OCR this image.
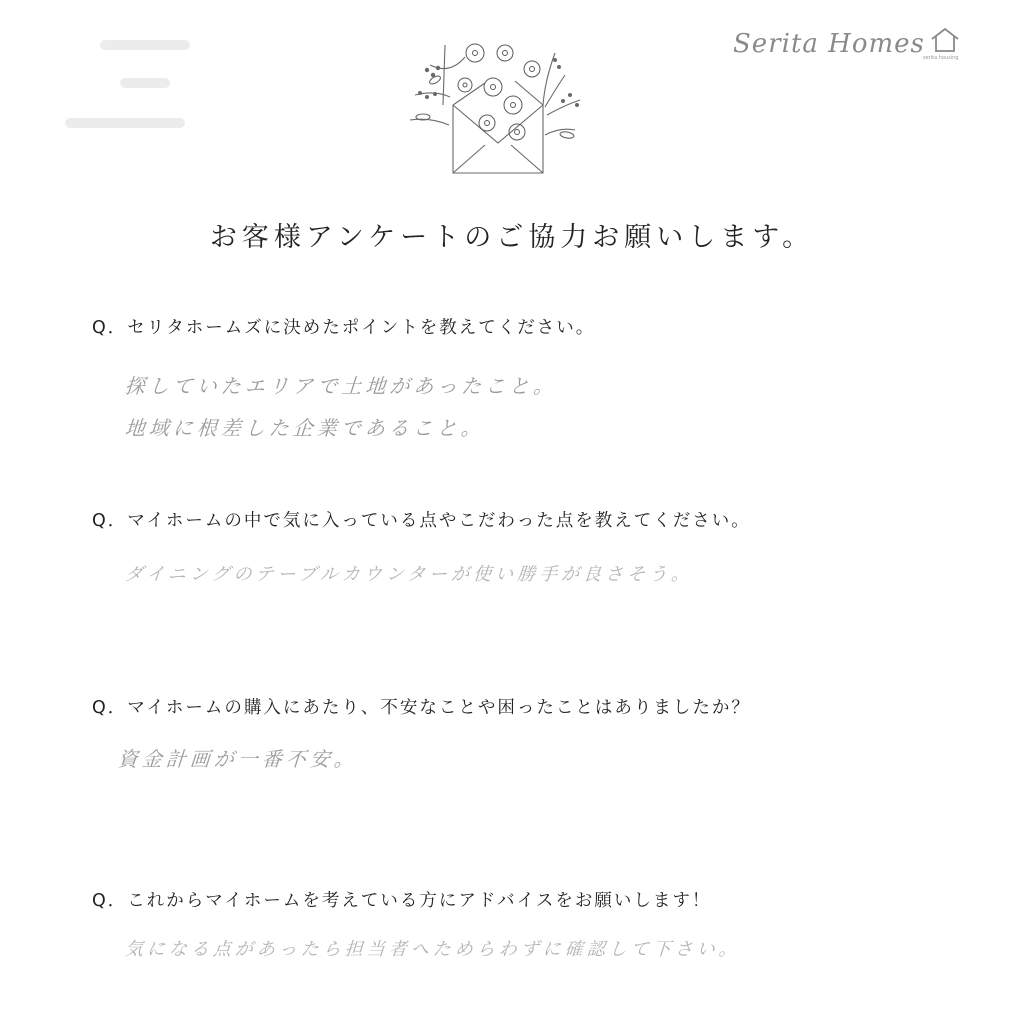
Serita Homes
serita housing
お客様アンケートのご協力お願いします。
Q．セリタホームズに決めたポイントを教えてください。
探していたエリアで土地があったこと。
地域に根差した企業であること。
Q．マイホームの中で気に入っている点やこだわった点を教えてください。
ダイニングのテーブルカウンターが使い勝手が良さそう。
Q．マイホームの購入にあたり、不安なことや困ったことはありましたか？
資金計画が一番不安。
Q．これからマイホームを考えている方にアドバイスをお願いします！
気になる点があったら担当者へためらわずに確認して下さい。
